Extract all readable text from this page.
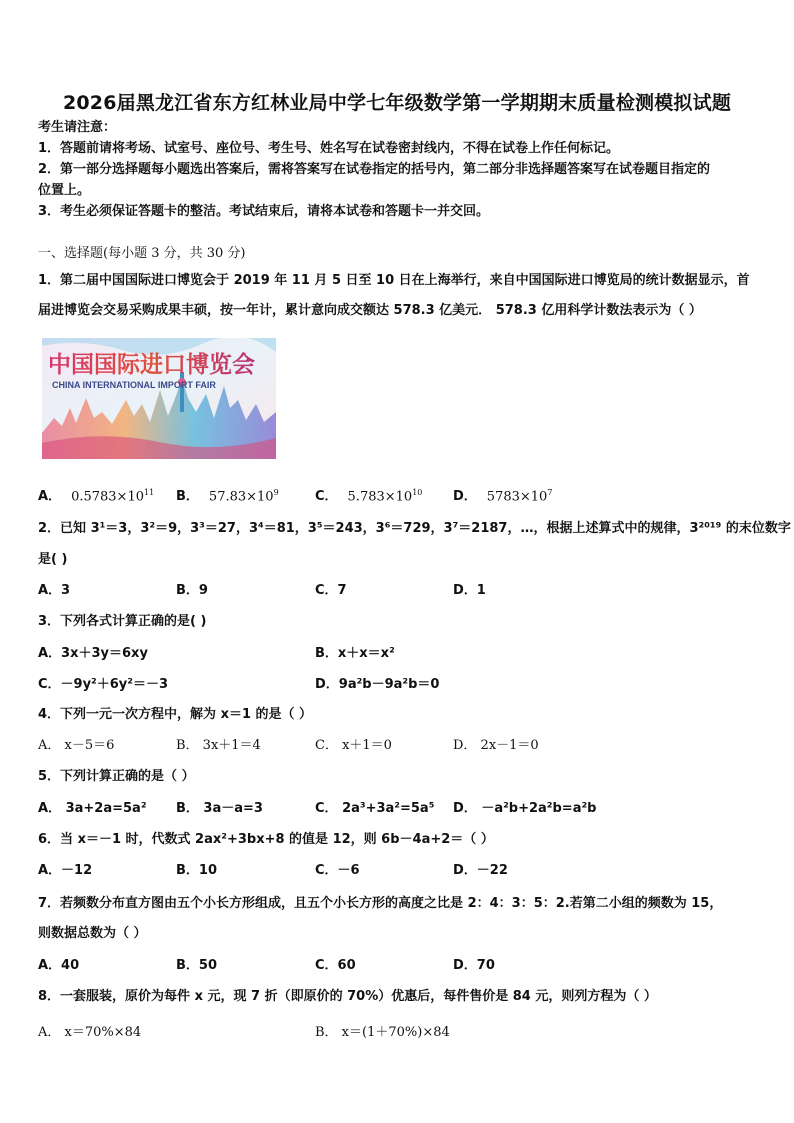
2026届黑龙江省东方红林业局中学七年级数学第一学期期末质量检测模拟试题
考生请注意：
1．答题前请将考场、试室号、座位号、考生号、姓名写在试卷密封线内，不得在试卷上作任何标记。
2．第一部分选择题每小题选出答案后，需将答案写在试卷指定的括号内，第二部分非选择题答案写在试卷题目指定的
位置上。
3．考生必须保证答题卡的整洁。考试结束后，请将本试卷和答题卡一并交回。
一、选择题(每小题 3 分，共 30 分)
1．第二届中国国际进口博览会于 2019 年 11 月 5 日至 10 日在上海举行，来自中国国际进口博览局的统计数据显示，首
届进博览会交易采购成果丰硕，按一年计，累计意向成交额达 578.3 亿美元． 578.3 亿用科学计数法表示为（ ）
中国国际进口博览会
CHINA INTERNATIONAL IMPORT FAIR
A． $0.5783\times 10^{11}$ B． $57.83\times 10^9$	C． $5.783\times 10^{10}$ D． $5783\times 10^7$
2．已知 3¹＝3，3²＝9，3³＝27，3⁴＝81，3⁵＝243，3⁶＝729，3⁷＝2187，…，根据上述算式中的规律，3²⁰¹⁹ 的末位数字
是( )
A．3	B．9	C．7	D．1
3．下列各式计算正确的是( )
A．3x＋3y＝6xy	B．x＋x＝x²
C．－9y²＋6y²＝－3	D．9a²b－9a²b＝0
4．下列一元一次方程中，解为 x＝1 的是（ ）
A． x－5＝6	B． 3x＋1＝4	C． x＋1＝0	D． 2x－1＝0
5．下列计算正确的是（ ）
A． 3a+2a=5a² B． 3a－a=3	C． 2a³+3a²=5a⁵ D． －a²b+2a²b=a²b
6．当 x＝－1 时，代数式 2ax²+3bx+8 的值是 12，则 6b－4a+2＝（ ）
A．－12	B．10	C．－6	D．－22
7．若频数分布直方图由五个小长方形组成，且五个小长方形的高度之比是 2：4：3：5：2.若第二小组的频数为 15，
则数据总数为（ ）
A．40	B．50	C．60	D．70
8．一套服装，原价为每件 x 元，现 7 折（即原价的 70%）优惠后，每件售价是 84 元，则列方程为（ ）
A． x＝70%×84	B． x＝(1＋70%)×84
